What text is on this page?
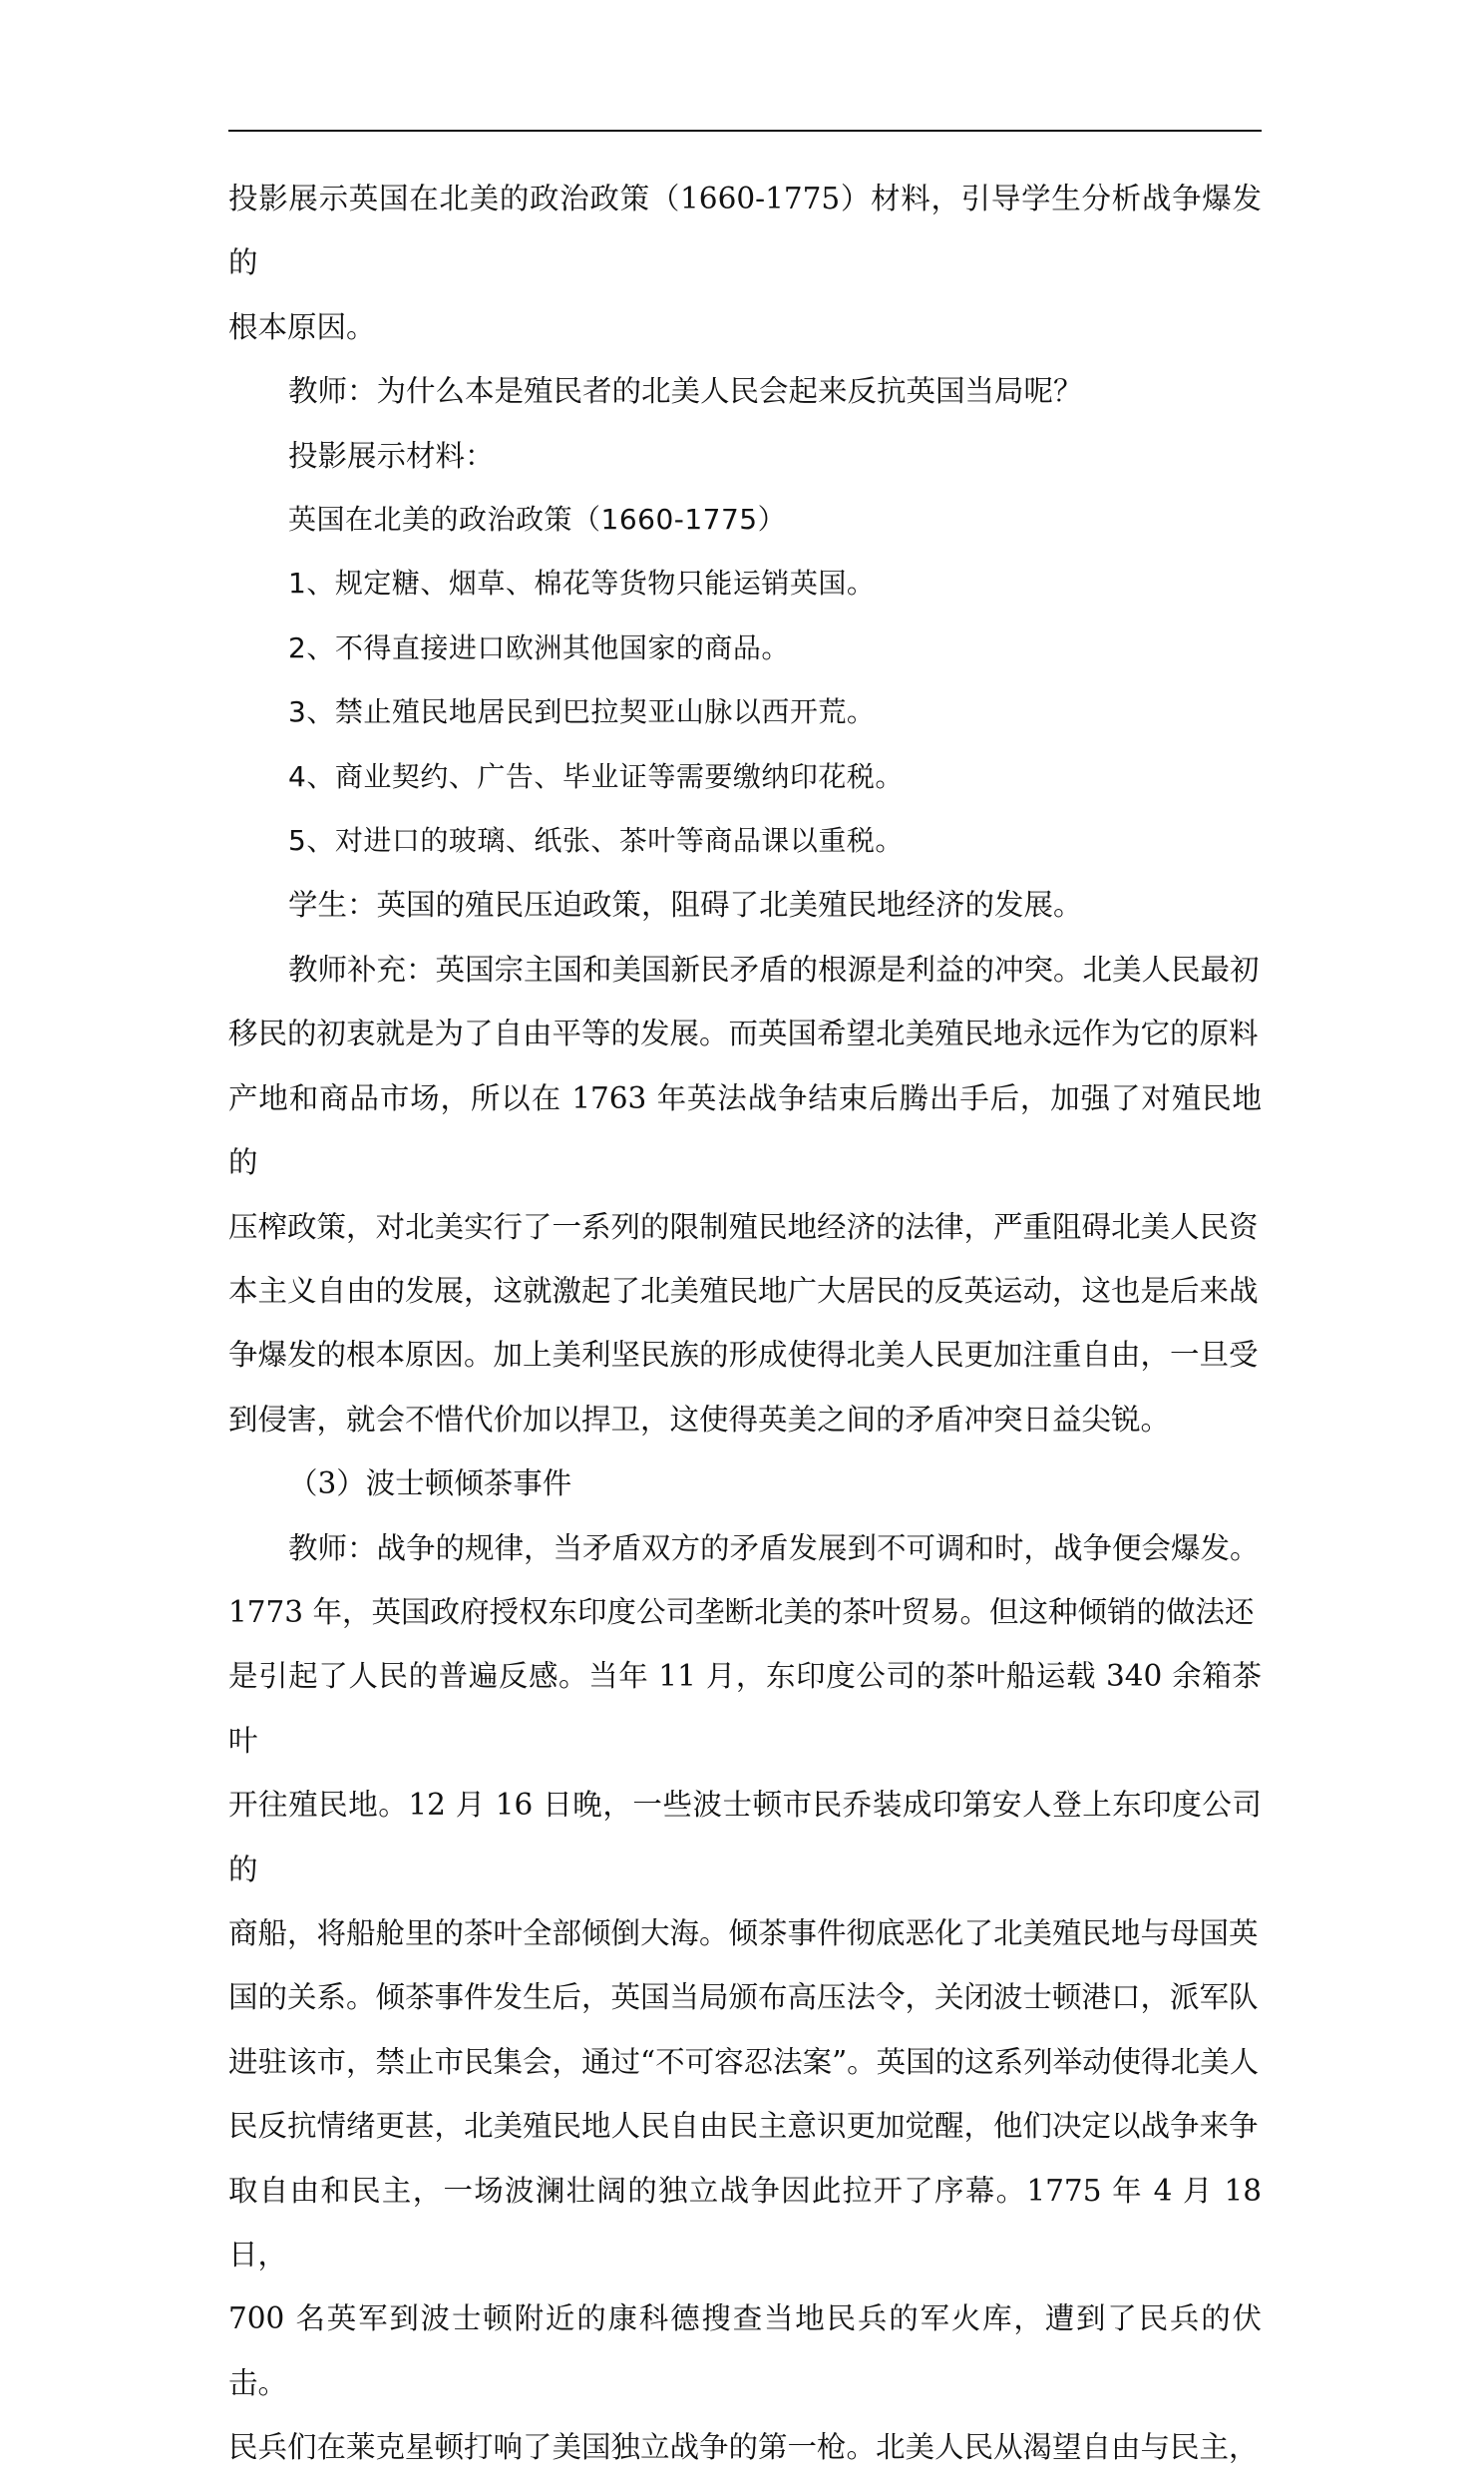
投影展示英国在北美的政治政策（1660-1775）材料，引导学生分析战争爆发的
根本原因。

教师：为什么本是殖民者的北美人民会起来反抗英国当局呢？

投影展示材料：

英国在北美的政治政策（1660-1775）

1、规定糖、烟草、棉花等货物只能运销英国。

2、不得直接进口欧洲其他国家的商品。

3、禁止殖民地居民到巴拉契亚山脉以西开荒。

4、商业契约、广告、毕业证等需要缴纳印花税。

5、对进口的玻璃、纸张、茶叶等商品课以重税。

学生：英国的殖民压迫政策，阻碍了北美殖民地经济的发展。

教师补充：英国宗主国和美国新民矛盾的根源是利益的冲突。北美人民最初
移民的初衷就是为了自由平等的发展。而英国希望北美殖民地永远作为它的原料
产地和商品市场，所以在 1763 年英法战争结束后腾出手后，加强了对殖民地的
压榨政策，对北美实行了一系列的限制殖民地经济的法律，严重阻碍北美人民资
本主义自由的发展，这就激起了北美殖民地广大居民的反英运动，这也是后来战
争爆发的根本原因。加上美利坚民族的形成使得北美人民更加注重自由，一旦受
到侵害，就会不惜代价加以捍卫，这使得英美之间的矛盾冲突日益尖锐。

（3）波士顿倾茶事件

教师：战争的规律，当矛盾双方的矛盾发展到不可调和时，战争便会爆发。
1773 年，英国政府授权东印度公司垄断北美的茶叶贸易。但这种倾销的做法还
是引起了人民的普遍反感。当年 11 月，东印度公司的茶叶船运载 340 余箱茶叶
开往殖民地。12 月 16 日晚，一些波士顿市民乔装成印第安人登上东印度公司的
商船，将船舱里的茶叶全部倾倒大海。倾茶事件彻底恶化了北美殖民地与母国英
国的关系。倾茶事件发生后，英国当局颁布高压法令，关闭波士顿港口，派军队
进驻该市，禁止市民集会，通过“不可容忍法案”。英国的这系列举动使得北美人
民反抗情绪更甚，北美殖民地人民自由民主意识更加觉醒，他们决定以战争来争
取自由和民主，一场波澜壮阔的独立战争因此拉开了序幕。1775 年 4 月 18 日，
700 名英军到波士顿附近的康科德搜查当地民兵的军火库，遭到了民兵的伏击。
民兵们在莱克星顿打响了美国独立战争的第一枪。北美人民从渴望自由与民主，
